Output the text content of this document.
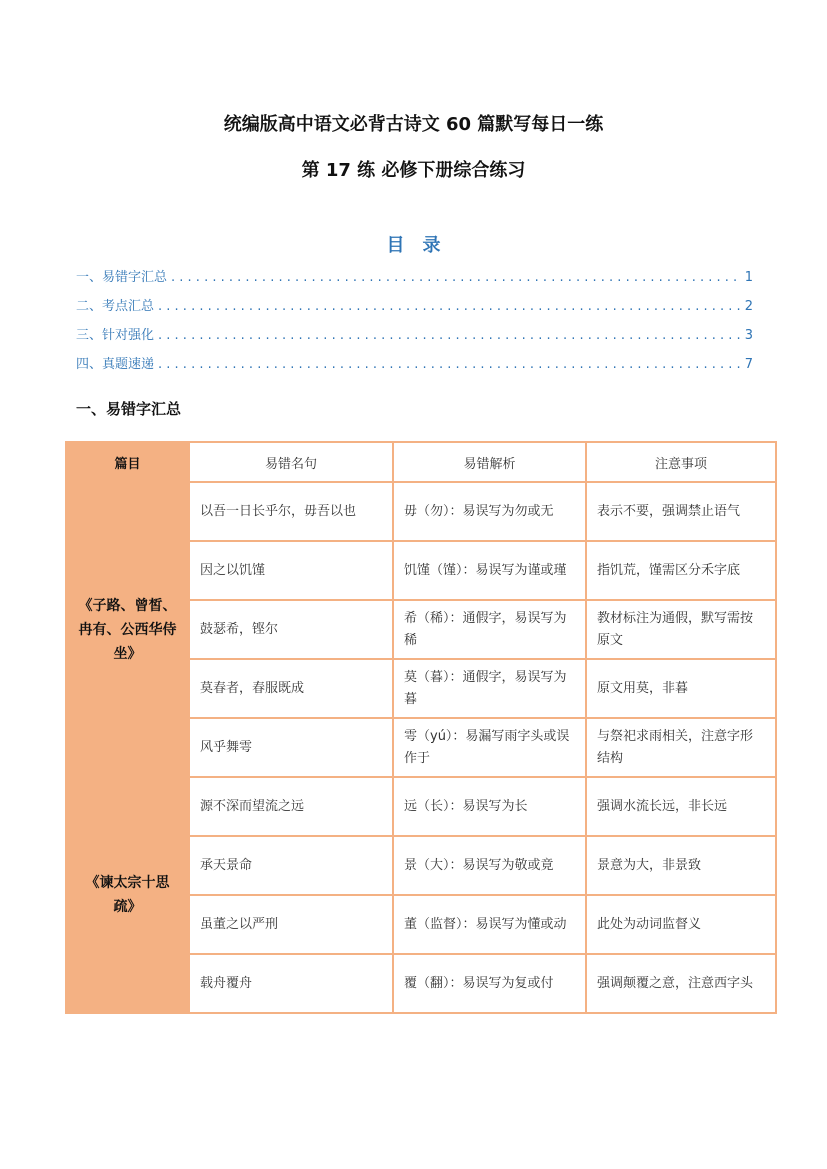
统编版高中语文必背古诗文 60 篇默写每日一练
第 17 练 必修下册综合练习
目录
一、易错字汇总 . . .	1
二、考点汇总 . . .	2
三、针对强化 . . .	3
四、真题速递 . . .	7
一、易错字汇总
篇目	易错名句	易错解析	注意事项
《子路、曾皙、冉有、公西华侍坐》	以吾一日长乎尔，毋吾以也	毋（勿）：易误写为勿或无	表示不要，强调禁止语气
	因之以饥馑	饥馑（馑）：易误写为谨或瑾	指饥荒，馑需区分禾字底
	鼓瑟希，铿尔	希（稀）：通假字，易误写为稀	教材标注为通假，默写需按原文
	莫春者，春服既成	莫（暮）：通假字，易误写为暮	原文用莫，非暮
	风乎舞雩	雩（yú）：易漏写雨字头或误作于	与祭祀求雨相关，注意字形结构
《谏太宗十思疏》	源不深而望流之远	远（长）：易误写为长	强调水流长远，非长远
	承天景命	景（大）：易误写为敬或竟	景意为大，非景致
	虽董之以严刑	董（监督）：易误写为懂或动	此处为动词监督义
	载舟覆舟	覆（翻）：易误写为复或付	强调颠覆之意，注意西字头
